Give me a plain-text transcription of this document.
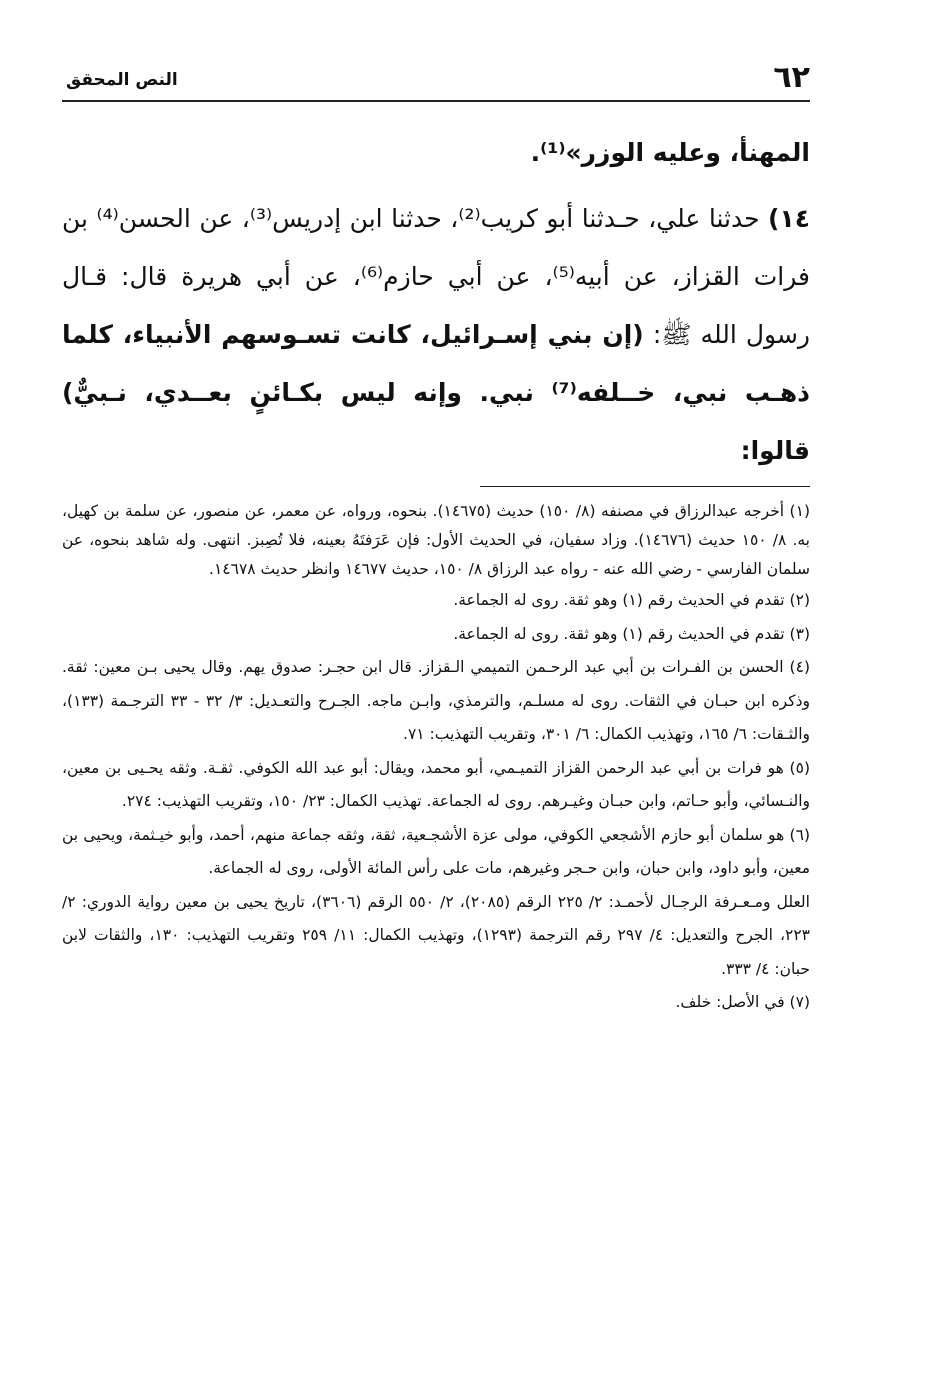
٦٢
النص المحقق

المهنأ، وعليه الوزر»⁽¹⁾.

١٤) حدثنا علي، حـدثنا أبو كريب⁽²⁾، حدثنا ابن إدريس⁽³⁾، عن الحسن⁽⁴⁾ بن فرات القزاز، عن أبيه⁽⁵⁾، عن أبي حازم⁽⁶⁾، عن أبي هريرة قال: قـال رسول الله ﷺ: (إن بني إسـرائيل، كانت تسـوسهم الأنبياء، كلما ذهـب نبي، خــلفه⁽⁷⁾ نبي. وإنه ليس بكـائنٍ بعــدي، نـبيٌّ) قالوا:

(١) أخرجه عبدالرزاق في مصنفه (٨/ ١٥٠) حديث (١٤٦٧٥). بنحوه، ورواه، عن معمر، عن منصور، عن سلمة بن كهيل، به. ٨/ ١٥٠ حديث (١٤٦٧٦). وزاد سفيان، في الحديث الأول: فإن عَرَفتَهُ بعينه، فلا تُصِبز. انتهى. وله شاهد بنحوه، عن سلمان الفارسي - رضي الله عنه - رواه عبد الرزاق ٨/ ١٥٠، حديث ١٤٦٧٧ وانظر حديث ١٤٦٧٨.

(٢) تقدم في الحديث رقم (١) وهو ثقة. روى له الجماعة.

(٣) تقدم في الحديث رقم (١) وهو ثقة. روى له الجماعة.

(٤) الحسن بن الفـرات بن أبي عبد الرحـمن التميمي الـقزاز. قال ابن حجـر: صدوق يهم. وقال يحيى بـن معين: ثقة. وذكره ابن حبـان في الثقات. روى له مسلـم، والترمذي، وابـن ماجه. الجـرح والتعـديل: ٣/ ٣٢ - ٣٣ الترجـمة (١٣٣)، والثـقات: ٦/ ١٦٥، وتهذيب الكمال: ٦/ ٣٠١، وتقريب التهذيب: ٧١.

(٥) هو فرات بن أبي عبد الرحمن القزاز التميـمي، أبو محمد، ويقال: أبو عبد الله الكوفي. ثقـة. وثقه يحـيى بن معين، والنـسائي، وأبو حـاتم، وابن حبـان وغيـرهم. روى له الجماعة. تهذيب الكمال: ٢٣/ ١٥٠، وتقريب التهذيب: ٢٧٤.

(٦) هو سلمان أبو حازم الأشجعي الكوفي، مولى عزة الأشجـعية، ثقة، وثقه جماعة منهم، أحمد، وأبو خيـثمة، ويحيى بن معين، وأبو داود، وابن حبان، وابن حـجر وغيرهم، مات على رأس المائة الأولى، روى له الجماعة.

العلل ومـعـرفة الرجـال لأحمـد: ٢/ ٢٢٥ الرقم (٢٠٨٥)، ٢/ ٥٥٠ الرقم (٣٦٠٦)، تاريخ يحيى بن معين رواية الدوري: ٢/ ٢٢٣، الجرح والتعديل: ٤/ ٢٩٧ رقم الترجمة (١٢٩٣)، وتهذيب الكمال: ١١/ ٢٥٩ وتقريب التهذيب: ١٣٠، والثقات لابن حبان: ٤/ ٣٣٣.

(٧) في الأصل: خلف.
